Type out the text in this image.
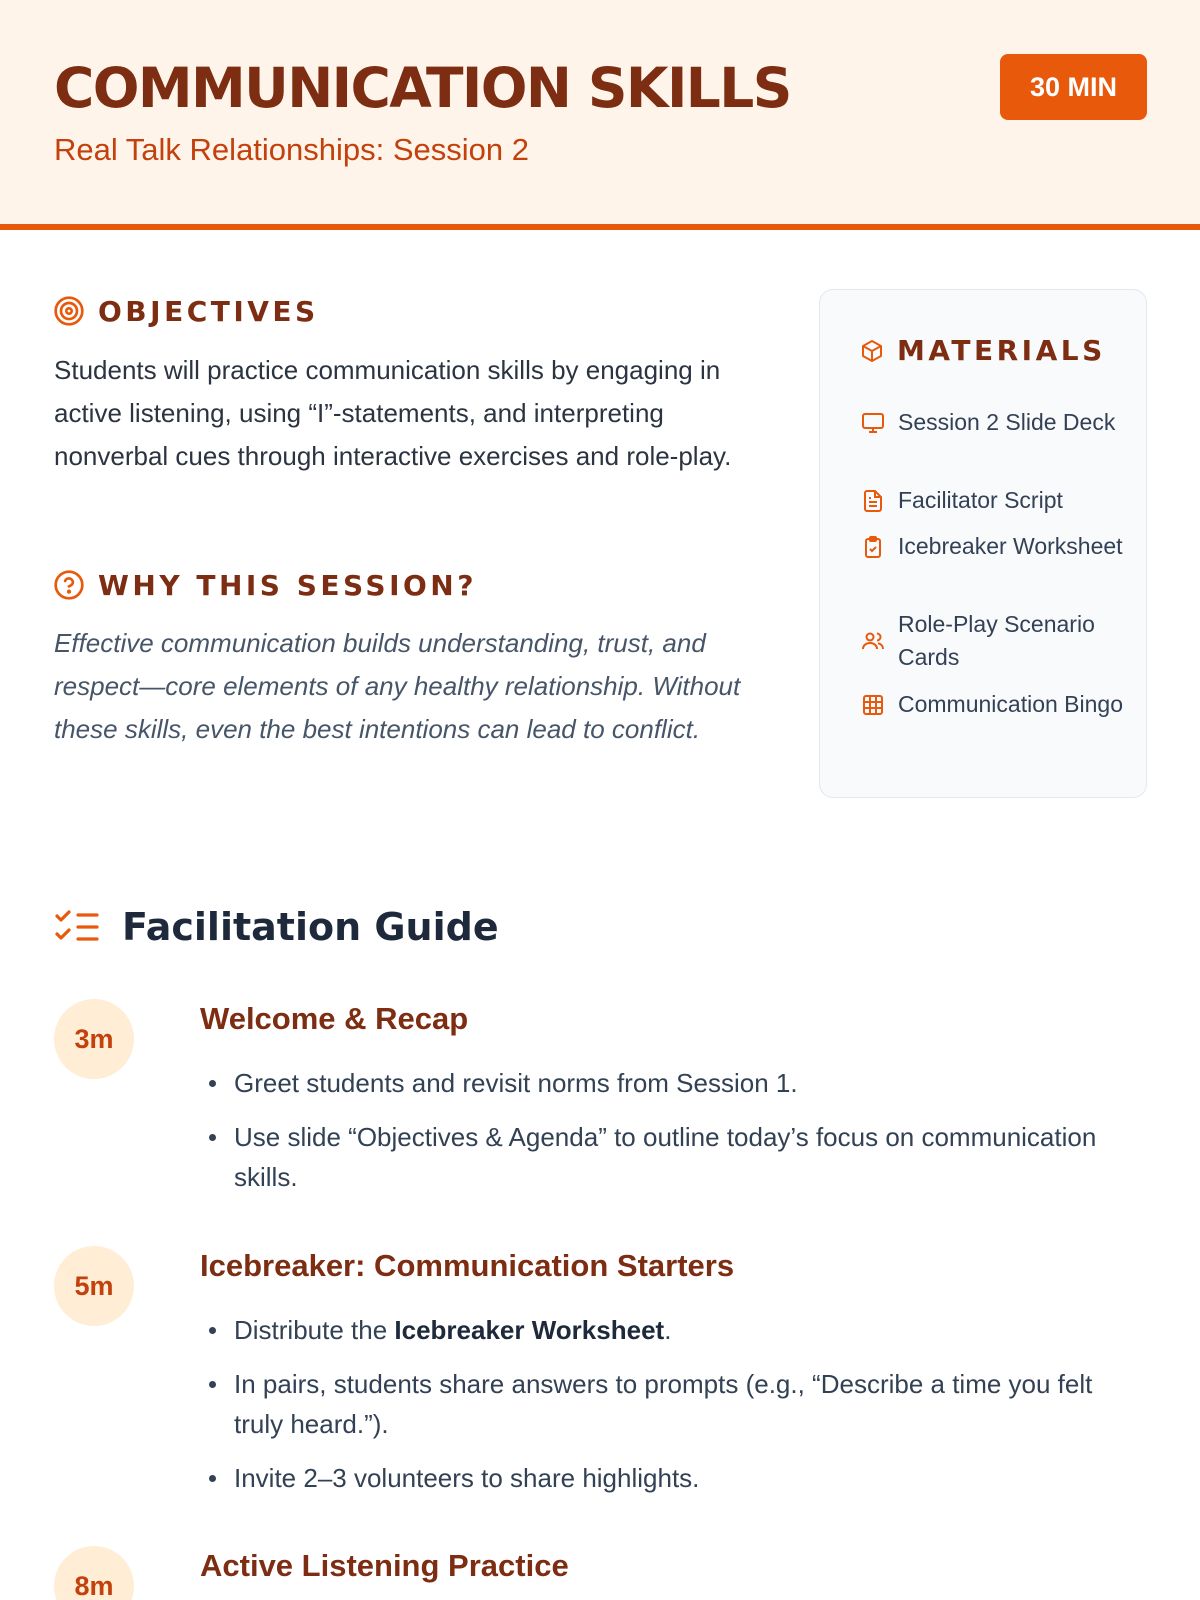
COMMUNICATION SKILLS
Real Talk Relationships: Session 2
30 MIN
OBJECTIVES
Students will practice communication skills by engaging in active listening, using “I”-statements, and interpreting nonverbal cues through interactive exercises and role-play.
WHY THIS SESSION?
Effective communication builds understanding, trust, and respect—core elements of any healthy relationship. Without these skills, even the best intentions can lead to conflict.
MATERIALS
Session 2 Slide Deck
Facilitator Script
Icebreaker Worksheet
Role-Play Scenario Cards
Communication Bingo
Facilitation Guide
3m
Welcome & Recap
Greet students and revisit norms from Session 1.
Use slide “Objectives & Agenda” to outline today’s focus on communication skills.
5m
Icebreaker: Communication Starters
Distribute the Icebreaker Worksheet.
In pairs, students share answers to prompts (e.g., “Describe a time you felt truly heard.”).
Invite 2–3 volunteers to share highlights.
8m
Active Listening Practice
